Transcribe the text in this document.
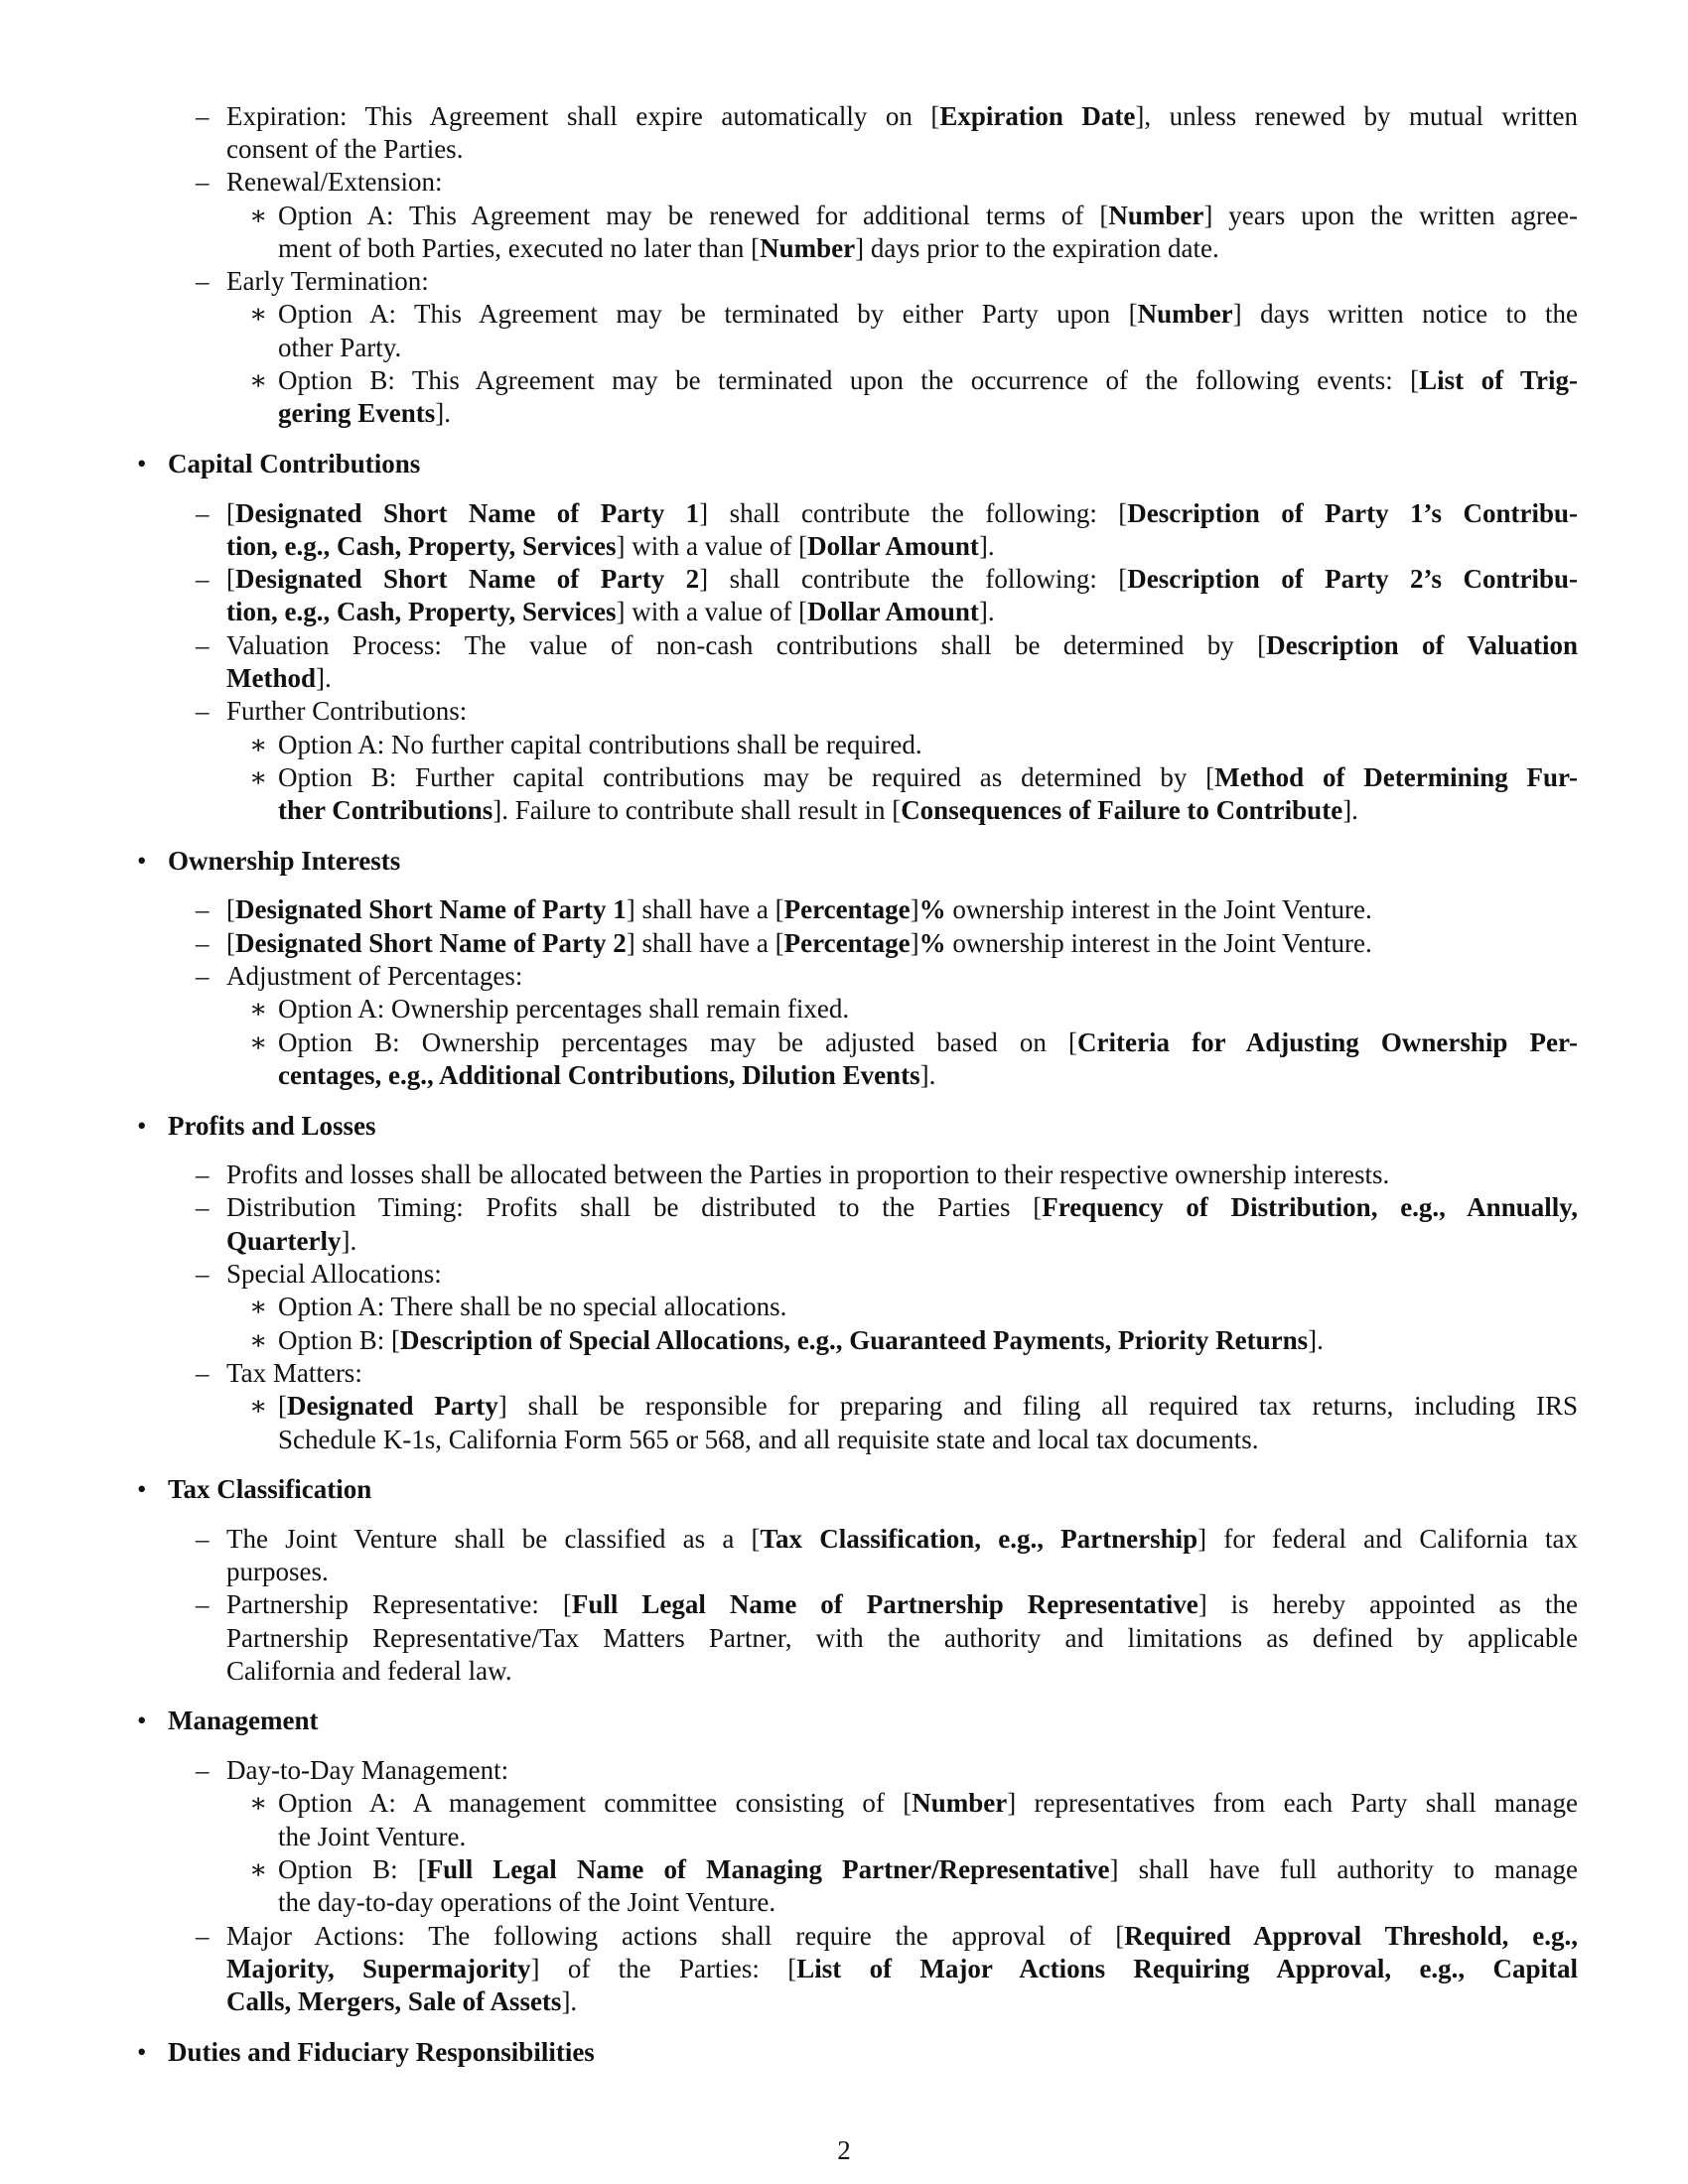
– Expiration: This Agreement shall expire automatically on [Expiration Date], unless renewed by mutual written

consent of the Parties.

– Renewal/Extension:

∗ Option A: This Agreement may be renewed for additional terms of [Number] years upon the written agree-

ment of both Parties, executed no later than [Number] days prior to the expiration date.

– Early Termination:

∗ Option A: This Agreement may be terminated by either Party upon [Number] days written notice to the

other Party.

∗ Option B: This Agreement may be terminated upon the occurrence of the following events: [List of Trig-

gering Events].

• Capital Contributions

– [Designated Short Name of Party 1] shall contribute the following: [Description of Party 1’s Contribu-

tion, e.g., Cash, Property, Services] with a value of [Dollar Amount].

– [Designated Short Name of Party 2] shall contribute the following: [Description of Party 2’s Contribu-

tion, e.g., Cash, Property, Services] with a value of [Dollar Amount].

– Valuation Process: The value of non-cash contributions shall be determined by [Description of Valuation

Method].

– Further Contributions:

∗ Option A: No further capital contributions shall be required.

∗ Option B: Further capital contributions may be required as determined by [Method of Determining Fur-

ther Contributions]. Failure to contribute shall result in [Consequences of Failure to Contribute].

• Ownership Interests

– [Designated Short Name of Party 1] shall have a [Percentage]% ownership interest in the Joint Venture.

– [Designated Short Name of Party 2] shall have a [Percentage]% ownership interest in the Joint Venture.

– Adjustment of Percentages:

∗ Option A: Ownership percentages shall remain fixed.

∗ Option B: Ownership percentages may be adjusted based on [Criteria for Adjusting Ownership Per-

centages, e.g., Additional Contributions, Dilution Events].

• Profits and Losses

– Profits and losses shall be allocated between the Parties in proportion to their respective ownership interests.

– Distribution Timing: Profits shall be distributed to the Parties [Frequency of Distribution, e.g., Annually,

Quarterly].

– Special Allocations:

∗ Option A: There shall be no special allocations.

∗ Option B: [Description of Special Allocations, e.g., Guaranteed Payments, Priority Returns].

– Tax Matters:

∗ [Designated Party] shall be responsible for preparing and filing all required tax returns, including IRS

Schedule K-1s, California Form 565 or 568, and all requisite state and local tax documents.

• Tax Classification

– The Joint Venture shall be classified as a [Tax Classification, e.g., Partnership] for federal and California tax

purposes.

– Partnership Representative: [Full Legal Name of Partnership Representative] is hereby appointed as the

Partnership Representative/Tax Matters Partner, with the authority and limitations as defined by applicable

California and federal law.

• Management

– Day-to-Day Management:

∗ Option A: A management committee consisting of [Number] representatives from each Party shall manage

the Joint Venture.

∗ Option B: [Full Legal Name of Managing Partner/Representative] shall have full authority to manage

the day-to-day operations of the Joint Venture.

– Major Actions: The following actions shall require the approval of [Required Approval Threshold, e.g.,

Majority, Supermajority] of the Parties: [List of Major Actions Requiring Approval, e.g., Capital

Calls, Mergers, Sale of Assets].

• Duties and Fiduciary Responsibilities

2
